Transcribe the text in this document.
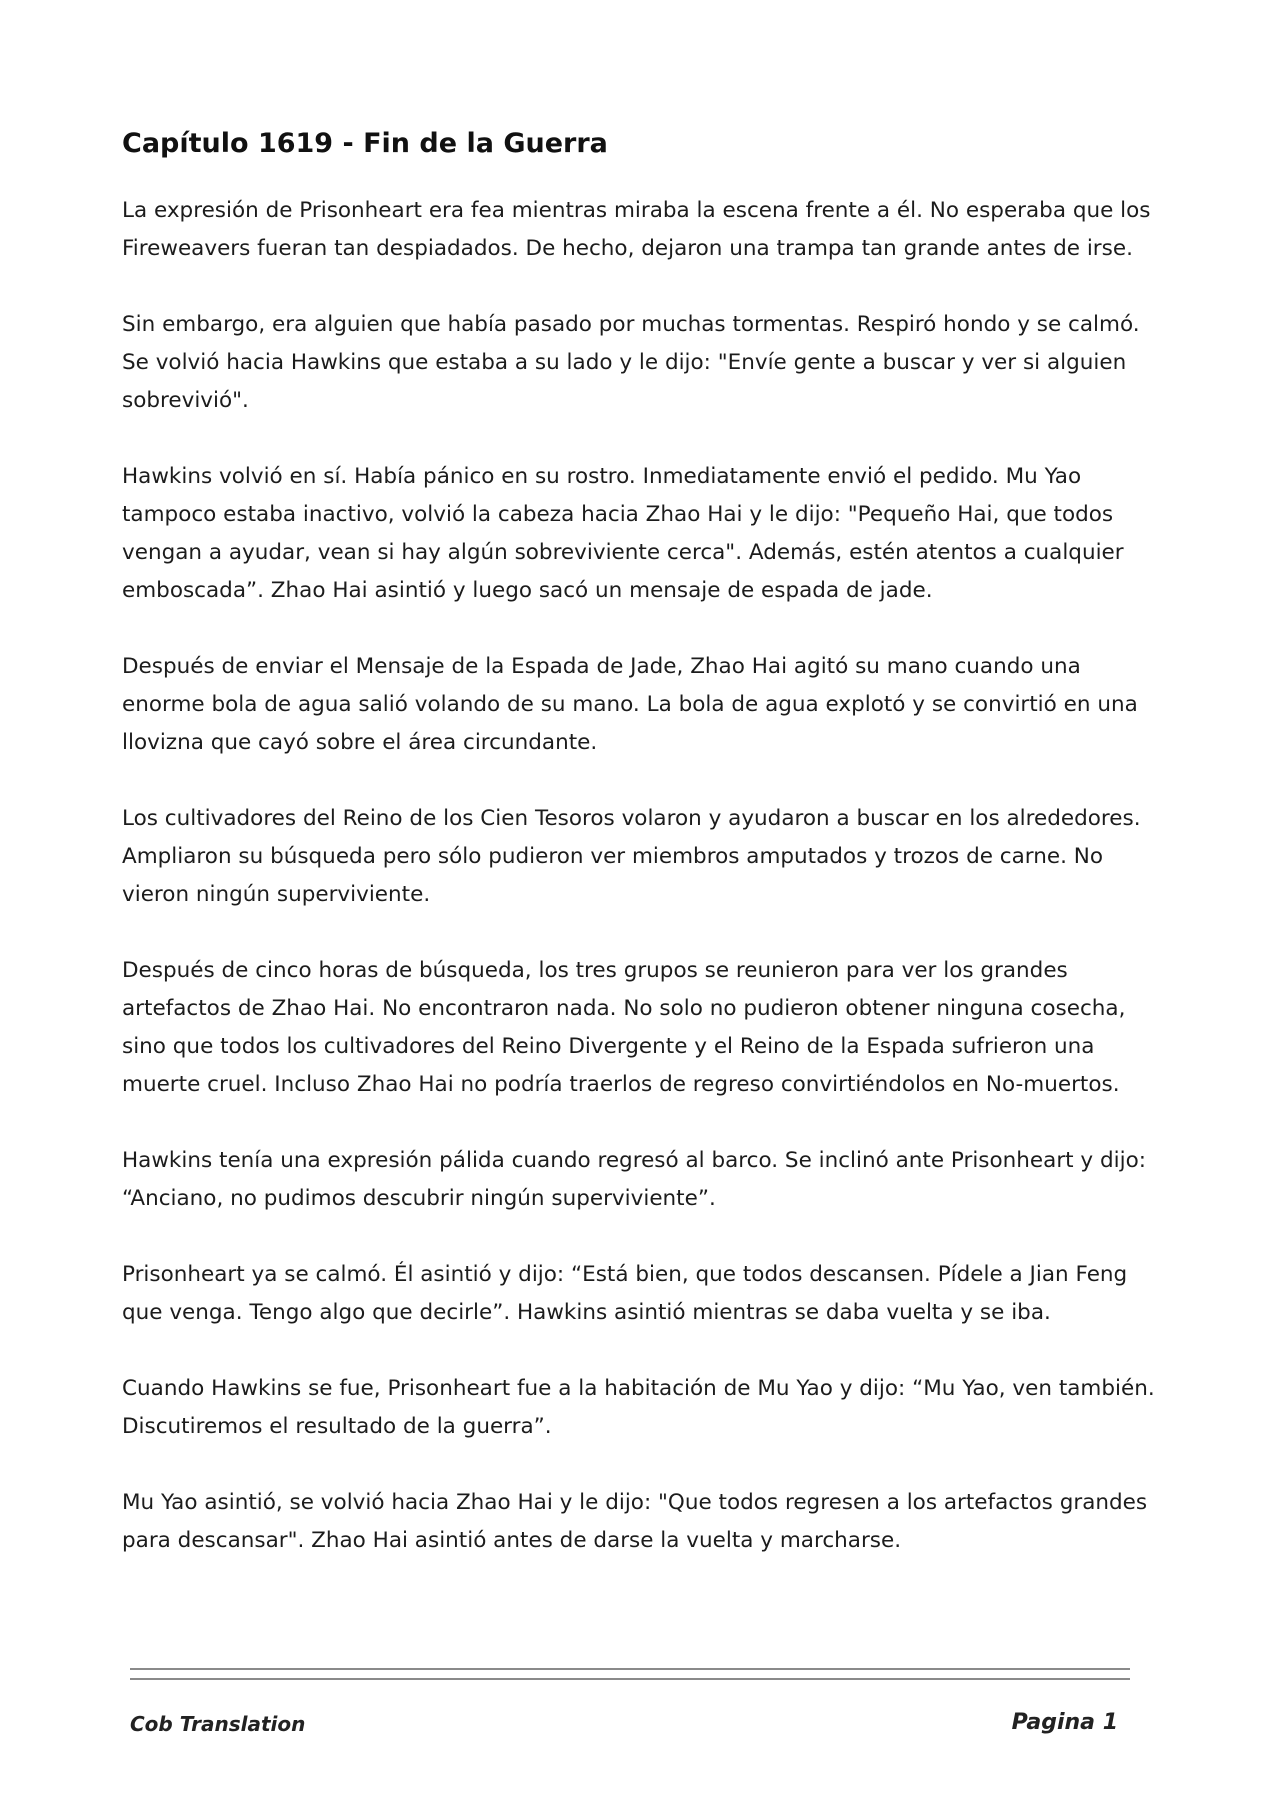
Capítulo 1619 - Fin de la Guerra

La expresión de Prisonheart era fea mientras miraba la escena frente a él. No esperaba que los Fireweavers fueran tan despiadados. De hecho, dejaron una trampa tan grande antes de irse.

Sin embargo, era alguien que había pasado por muchas tormentas. Respiró hondo y se calmó. Se volvió hacia Hawkins que estaba a su lado y le dijo: "Envíe gente a buscar y ver si alguien sobrevivió".

Hawkins volvió en sí. Había pánico en su rostro. Inmediatamente envió el pedido. Mu Yao tampoco estaba inactivo, volvió la cabeza hacia Zhao Hai y le dijo: "Pequeño Hai, que todos vengan a ayudar, vean si hay algún sobreviviente cerca". Además, estén atentos a cualquier emboscada”. Zhao Hai asintió y luego sacó un mensaje de espada de jade.

Después de enviar el Mensaje de la Espada de Jade, Zhao Hai agitó su mano cuando una enorme bola de agua salió volando de su mano. La bola de agua explotó y se convirtió en una llovizna que cayó sobre el área circundante.

Los cultivadores del Reino de los Cien Tesoros volaron y ayudaron a buscar en los alrededores. Ampliaron su búsqueda pero sólo pudieron ver miembros amputados y trozos de carne. No vieron ningún superviviente.

Después de cinco horas de búsqueda, los tres grupos se reunieron para ver los grandes artefactos de Zhao Hai. No encontraron nada. No solo no pudieron obtener ninguna cosecha, sino que todos los cultivadores del Reino Divergente y el Reino de la Espada sufrieron una muerte cruel. Incluso Zhao Hai no podría traerlos de regreso convirtiéndolos en No-muertos.

Hawkins tenía una expresión pálida cuando regresó al barco. Se inclinó ante Prisonheart y dijo: “Anciano, no pudimos descubrir ningún superviviente”.

Prisonheart ya se calmó. Él asintió y dijo: “Está bien, que todos descansen. Pídele a Jian Feng que venga. Tengo algo que decirle”. Hawkins asintió mientras se daba vuelta y se iba.

Cuando Hawkins se fue, Prisonheart fue a la habitación de Mu Yao y dijo: “Mu Yao, ven también. Discutiremos el resultado de la guerra”.

Mu Yao asintió, se volvió hacia Zhao Hai y le dijo: "Que todos regresen a los artefactos grandes para descansar". Zhao Hai asintió antes de darse la vuelta y marcharse.

Cob Translation	Pagina 1
